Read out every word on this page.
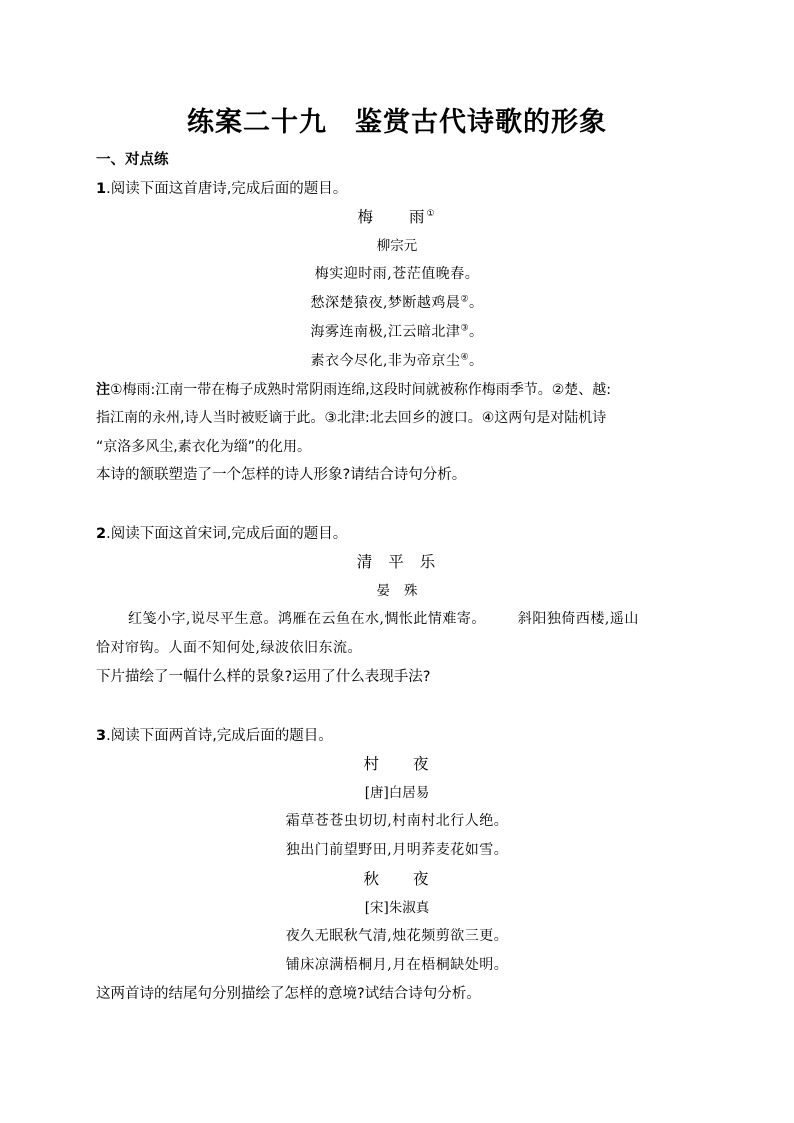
练案二十九 鉴赏古代诗歌的形象
一、对点练
1.阅读下面这首唐诗,完成后面的题目。
梅 雨①
柳宗元
梅实迎时雨,苍茫值晚春。
愁深楚猿夜,梦断越鸡晨②。
海雾连南极,江云暗北津③。
素衣今尽化,非为帝京尘④。
注①梅雨:江南一带在梅子成熟时常阴雨连绵,这段时间就被称作梅雨季节。②楚、越:
指江南的永州,诗人当时被贬谪于此。③北津:北去回乡的渡口。④这两句是对陆机诗
“京洛多风尘,素衣化为缁”的化用。
本诗的颔联塑造了一个怎样的诗人形象?请结合诗句分析。
2.阅读下面这首宋词,完成后面的题目。
清 平 乐
晏 殊
红笺小字,说尽平生意。鸿雁在云鱼在水,惆怅此情难寄。 斜阳独倚西楼,遥山
恰对帘钩。人面不知何处,绿波依旧东流。
下片描绘了一幅什么样的景象?运用了什么表现手法?
3.阅读下面两首诗,完成后面的题目。
村 夜
[唐]白居易
霜草苍苍虫切切,村南村北行人绝。
独出门前望野田,月明荞麦花如雪。
秋 夜
[宋]朱淑真
夜久无眠秋气清,烛花频剪欲三更。
铺床凉满梧桐月,月在梧桐缺处明。
这两首诗的结尾句分别描绘了怎样的意境?试结合诗句分析。
